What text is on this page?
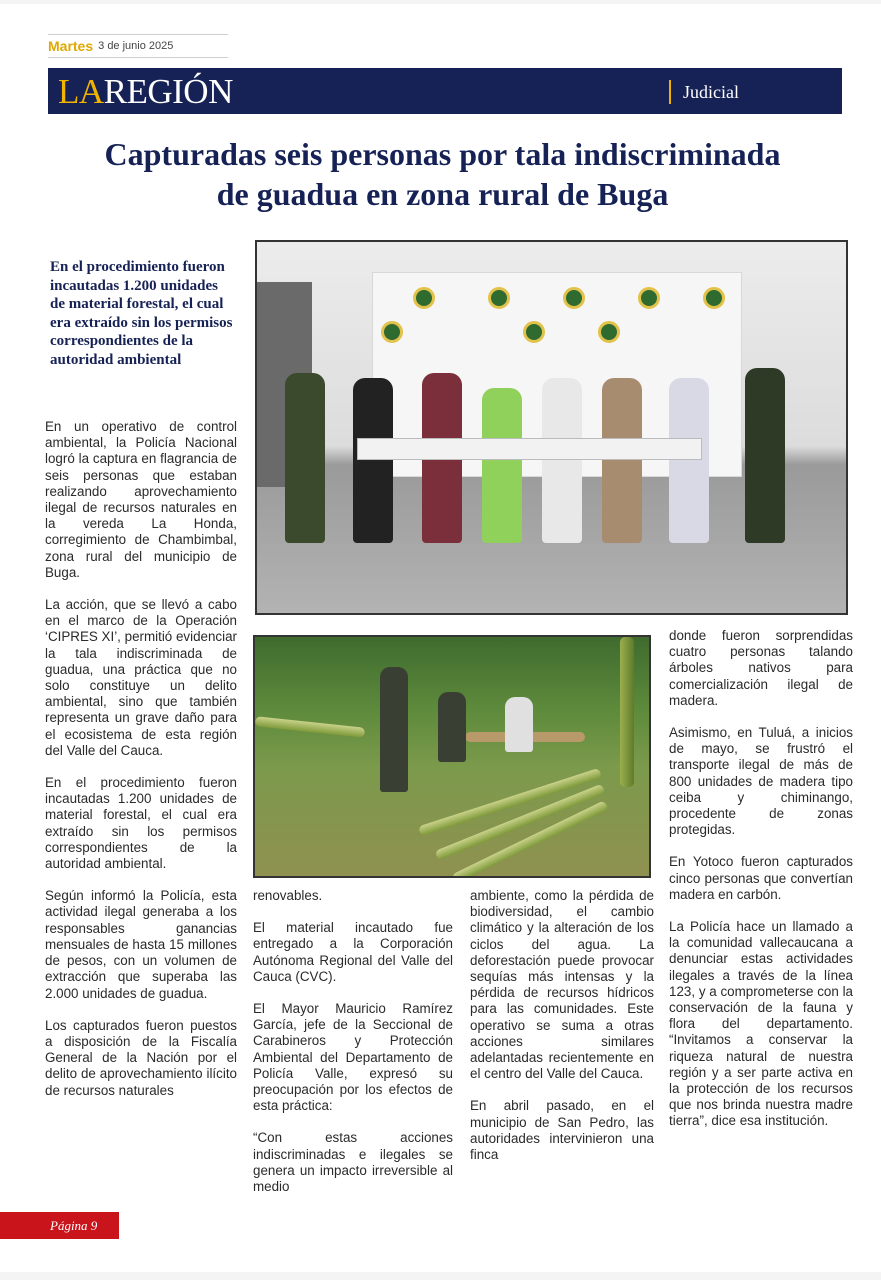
Martes 3 de junio 2025
LAREGIÓN	Judicial
Capturadas seis personas por tala indiscriminada
de guadua en zona rural de Buga
En el procedimiento fueron incautadas 1.200 unidades de material forestal, el cual era extraído sin los permisos correspondientes de la autoridad ambiental

En un operativo de control ambiental, la Policía Nacional logró la captura en flagrancia de seis personas que estaban realizando aprovechamiento ilegal de recursos naturales en la vereda La Honda, corregimiento de Chambimbal, zona rural del municipio de Buga.

La acción, que se llevó a cabo en el marco de la Operación ‘CIPRES XI’, permitió evidenciar la tala indiscriminada de guadua, una práctica que no solo constituye un delito ambiental, sino que también representa un grave daño para el ecosistema de esta región del Valle del Cauca.

En el procedimiento fueron incautadas 1.200 unidades de material forestal, el cual era extraído sin los permisos correspondientes de la autoridad ambiental.

Según informó la Policía, esta actividad ilegal generaba a los responsables ganancias mensuales de hasta 15 millones de pesos, con un volumen de extracción que superaba las 2.000 unidades de guadua.

Los capturados fueron puestos a disposición de la Fiscalía General de la Nación por el delito de aprovechamiento ilícito de recursos naturales

renovables.

El material incautado fue entregado a la Corporación Autónoma Regional del Valle del Cauca (CVC).

El Mayor Mauricio Ramírez García, jefe de la Seccional de Carabineros y Protección Ambiental del Departamento de Policía Valle, expresó su preocupación por los efectos de esta práctica:

“Con estas acciones indiscriminadas e ilegales se genera un impacto irreversible al medio

ambiente, como la pérdida de biodiversidad, el cambio climático y la alteración de los ciclos del agua. La deforestación puede provocar sequías más intensas y la pérdida de recursos hídricos para las comunidades. Este operativo se suma a otras acciones similares adelantadas recientemente en el centro del Valle del Cauca.

En abril pasado, en el municipio de San Pedro, las autoridades intervinieron una finca

donde fueron sorprendidas cuatro personas talando árboles nativos para comercialización ilegal de madera.

Asimismo, en Tuluá, a inicios de mayo, se frustró el transporte ilegal de más de 800 unidades de madera tipo ceiba y chiminango, procedente de zonas protegidas.

En Yotoco fueron capturados cinco personas que convertían madera en carbón.

La Policía hace un llamado a la comunidad vallecaucana a denunciar estas actividades ilegales a través de la línea 123, y a comprometerse con la conservación de la fauna y flora del departamento. “Invitamos a conservar la riqueza natural de nuestra región y a ser parte activa en la protección de los recursos que nos brinda nuestra madre tierra”, dice esa institución.

Página 9
